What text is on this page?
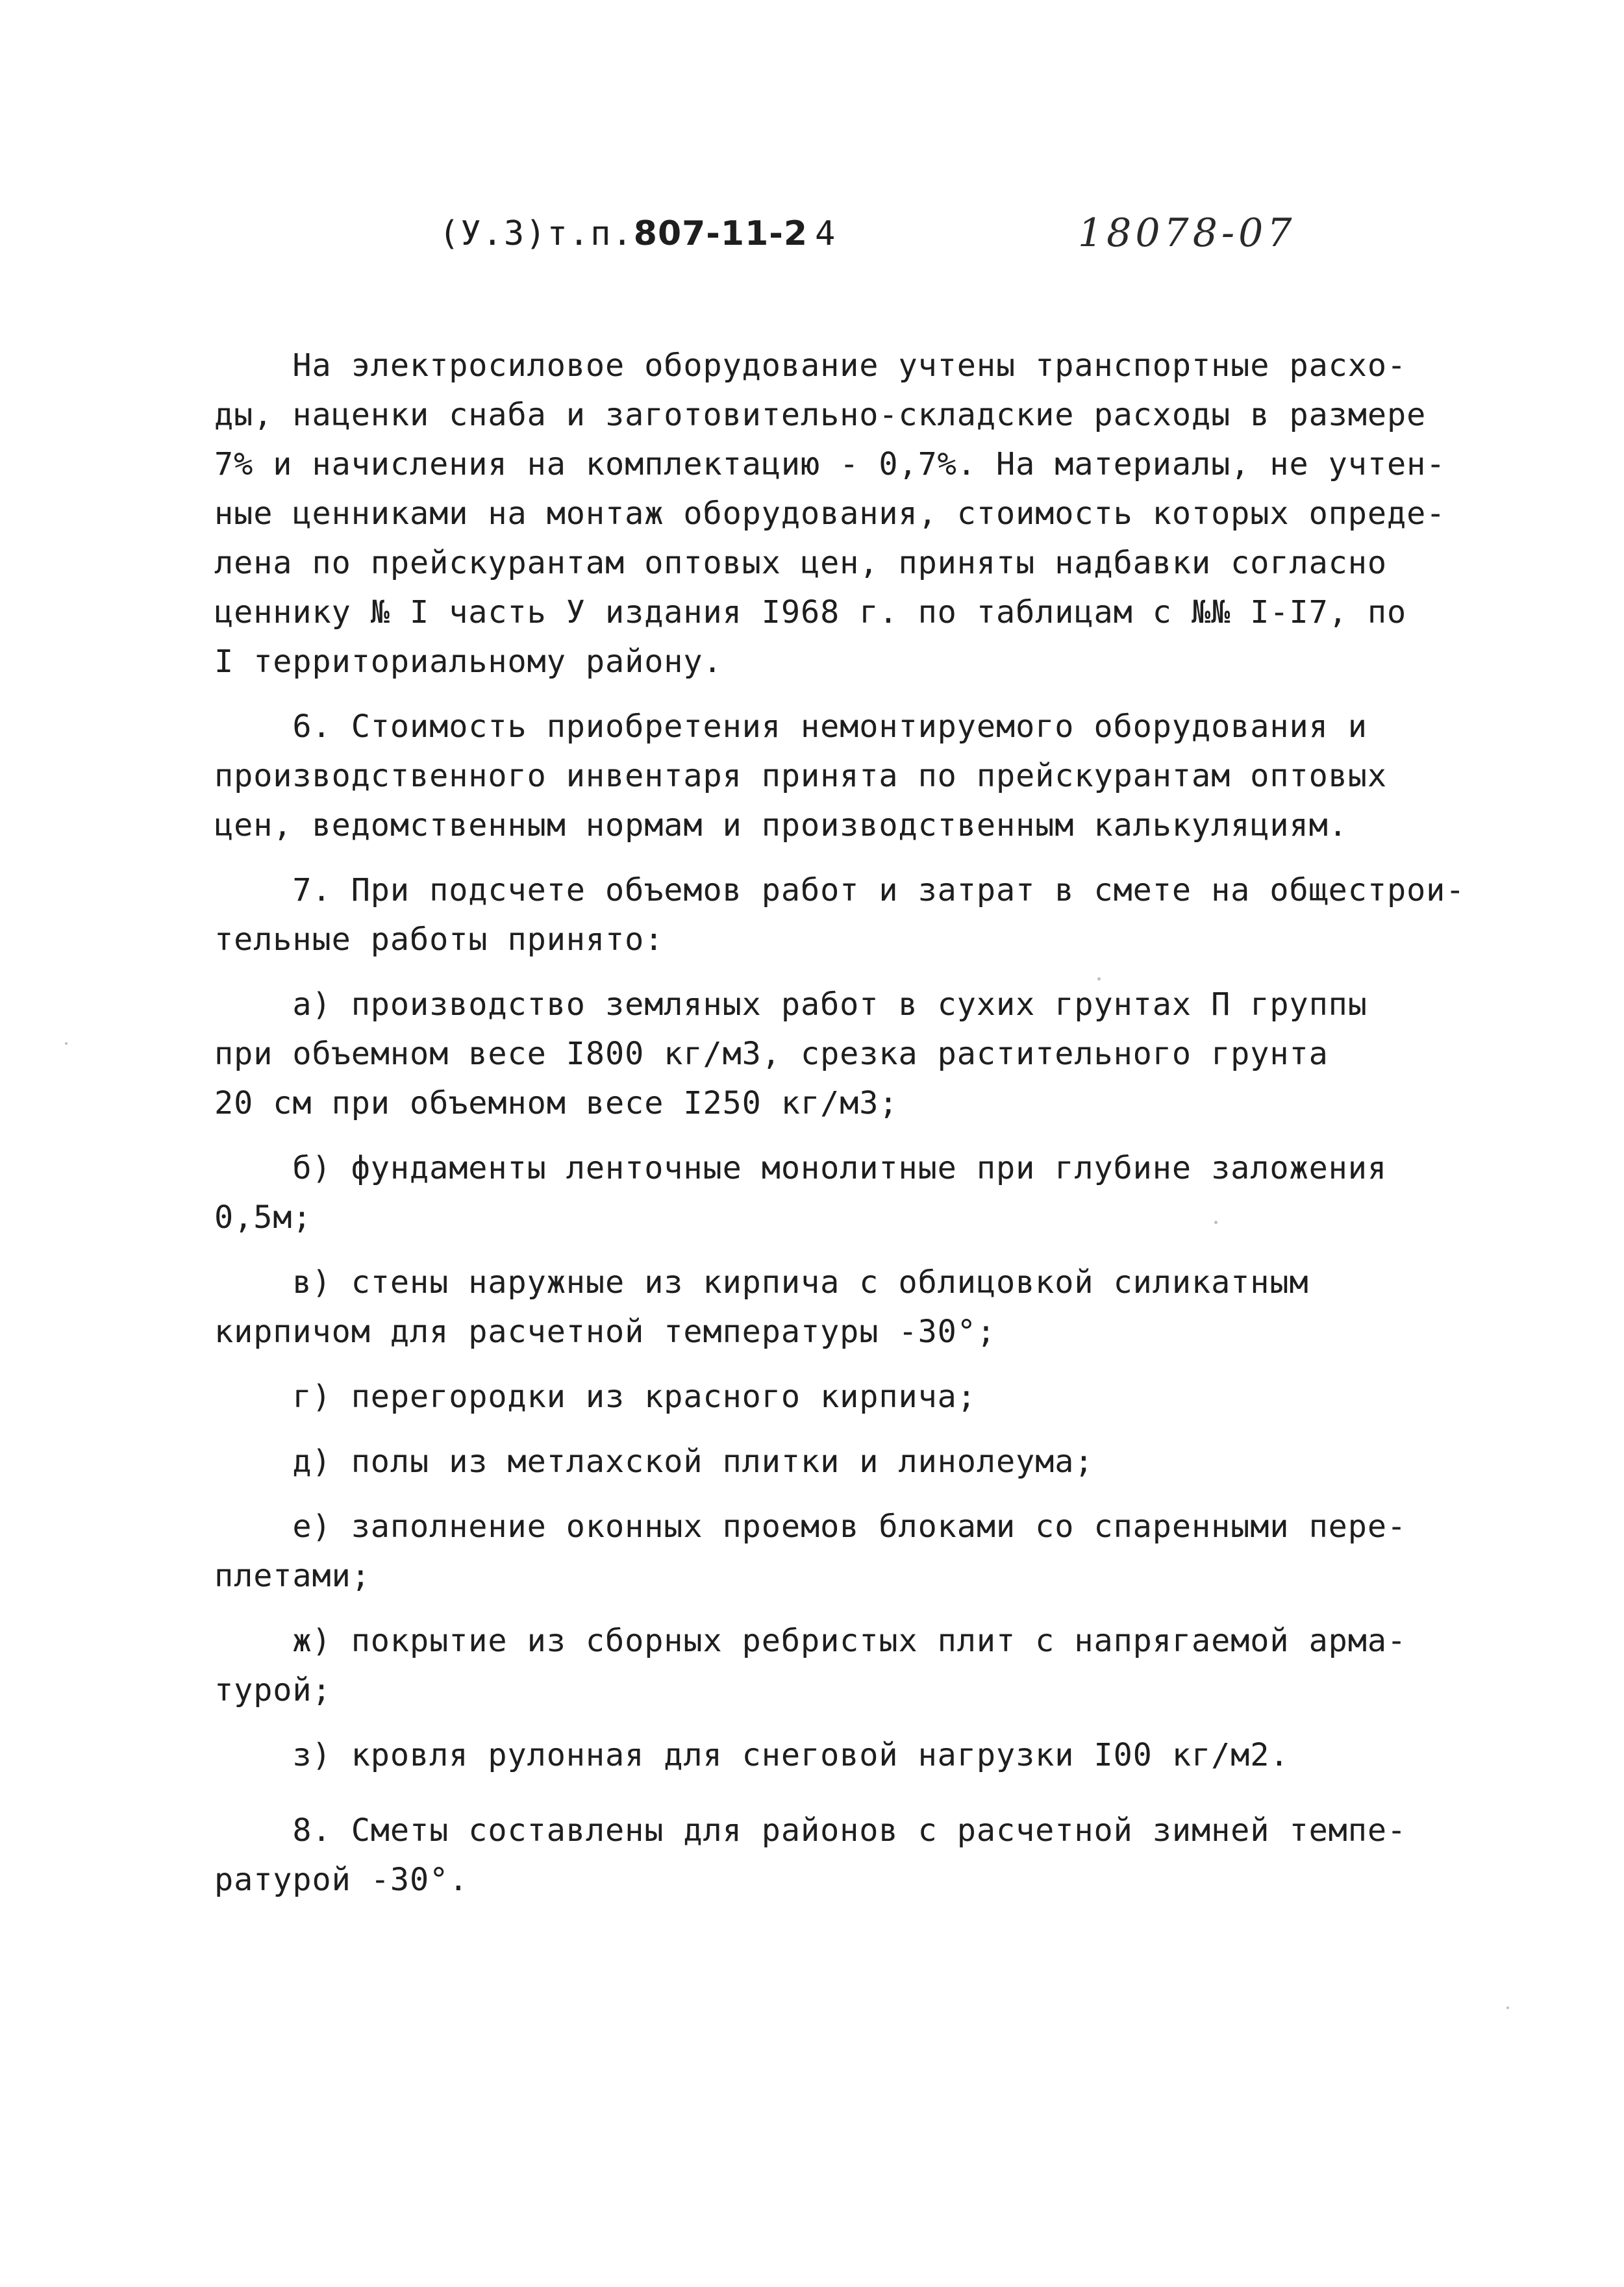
(У.3)т.п.807-11-2 4	18078-07
На электросиловое оборудование учтены транспортные расхо-
ды, наценки снаба и заготовительно-складские расходы в размере
7% и начисления на комплектацию - 0,7%. На материалы, не учтен-
ные ценниками на монтаж оборудования, стоимость которых опреде-
лена по прейскурантам оптовых цен, приняты надбавки согласно
ценнику № I часть У издания I968 г. по таблицам с №№ I-I7, по
I территориальному району.
6. Стоимость приобретения немонтируемого оборудования и
производственного инвентаря принята по прейскурантам оптовых
цен, ведомственным нормам и производственным калькуляциям.
7. При подсчете объемов работ и затрат в смете на общестрои-
тельные работы принято:
а) производство земляных работ в сухих грунтах П группы
при объемном весе I800 кг/м3, срезка растительного грунта
20 см при объемном весе I250 кг/м3;
б) фундаменты ленточные монолитные при глубине заложения
0,5м;
в) стены наружные из кирпича с облицовкой силикатным
кирпичом для расчетной температуры -30°;
г) перегородки из красного кирпича;
д) полы из метлахской плитки и линолеума;
е) заполнение оконных проемов блоками со спаренными пере-
плетами;
ж) покрытие из сборных ребристых плит с напрягаемой арма-
турой;
з) кровля рулонная для снеговой нагрузки I00 кг/м2.
8. Сметы составлены для районов с расчетной зимней темпе-
ратурой -30°.
